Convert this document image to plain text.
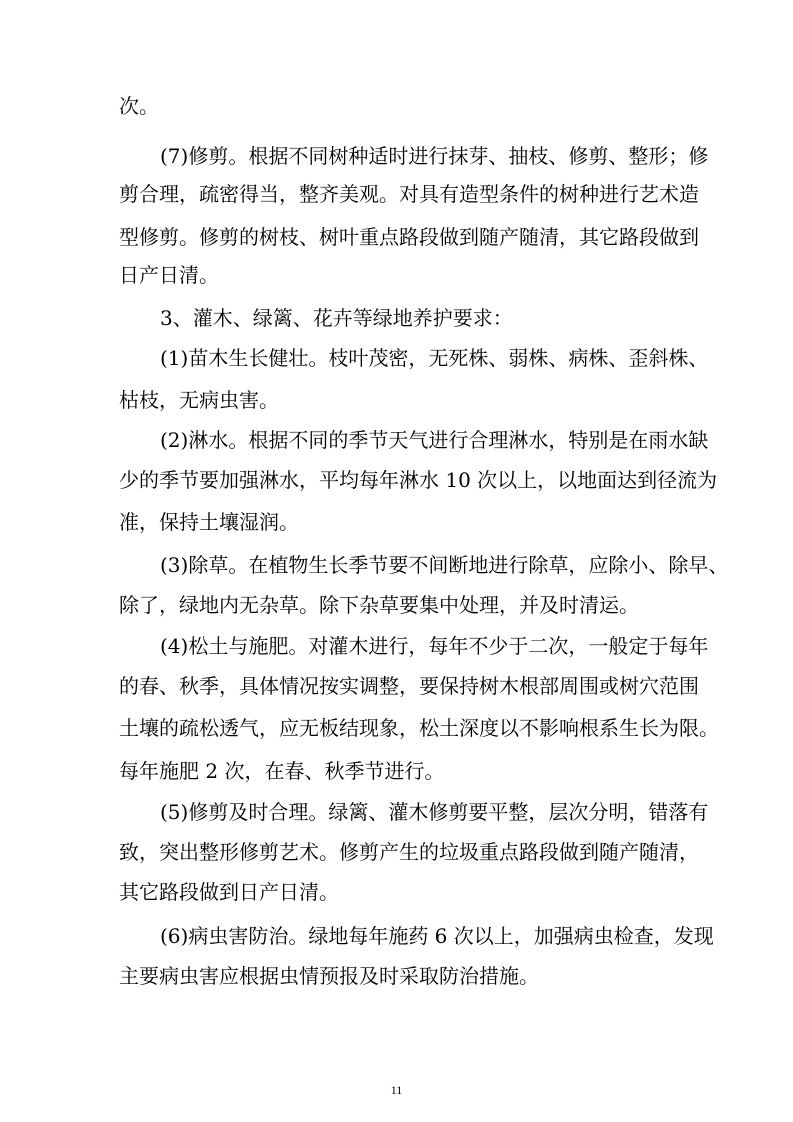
次。
(7)修剪。根据不同树种适时进行抹芽、抽枝、修剪、整形；修
剪合理，疏密得当，整齐美观。对具有造型条件的树种进行艺术造
型修剪。修剪的树枝、树叶重点路段做到随产随清，其它路段做到
日产日清。
3、灌木、绿篱、花卉等绿地养护要求：
(1)苗木生长健壮。枝叶茂密，无死株、弱株、病株、歪斜株、
枯枝，无病虫害。
(2)淋水。根据不同的季节天气进行合理淋水，特别是在雨水缺
少的季节要加强淋水，平均每年淋水 10 次以上，以地面达到径流为
准，保持土壤湿润。
(3)除草。在植物生长季节要不间断地进行除草，应除小、除早、
除了，绿地内无杂草。除下杂草要集中处理，并及时清运。
(4)松土与施肥。对灌木进行，每年不少于二次，一般定于每年
的春、秋季，具体情况按实调整，要保持树木根部周围或树穴范围
土壤的疏松透气，应无板结现象，松土深度以不影响根系生长为限。
每年施肥 2 次，在春、秋季节进行。
(5)修剪及时合理。绿篱、灌木修剪要平整，层次分明，错落有
致，突出整形修剪艺术。修剪产生的垃圾重点路段做到随产随清，
其它路段做到日产日清。
(6)病虫害防治。绿地每年施药 6 次以上，加强病虫检查，发现
主要病虫害应根据虫情预报及时采取防治措施。
11
